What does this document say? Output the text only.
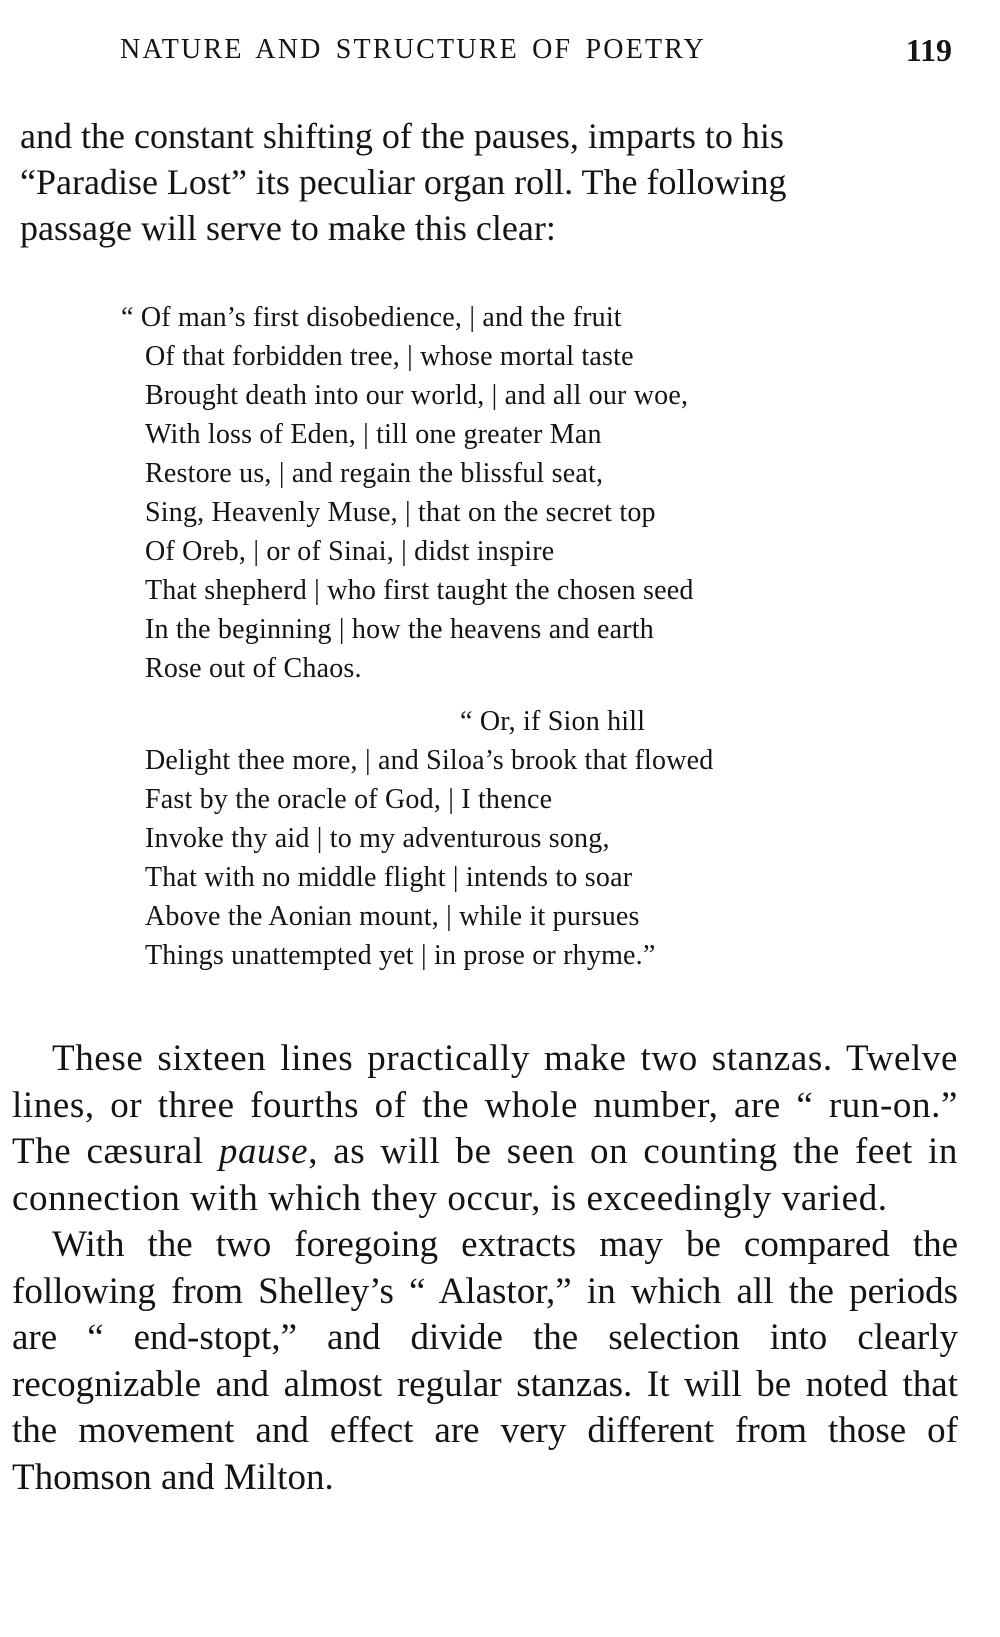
NATURE AND STRUCTURE OF POETRY	119
and the constant shifting of the pauses, imparts to his
“Paradise Lost” its peculiar organ roll. The following
passage will serve to make this clear:
“ Of man’s first disobedience, | and the fruit
Of that forbidden tree, | whose mortal taste
Brought death into our world, | and all our woe,
With loss of Eden, | till one greater Man
Restore us, | and regain the blissful seat,
Sing, Heavenly Muse, | that on the secret top
Of Oreb, | or of Sinai, | didst inspire
That shepherd | who first taught the chosen seed
In the beginning | how the heavens and earth
Rose out of Chaos.
“ Or, if Sion hill
Delight thee more, | and Siloa’s brook that flowed
Fast by the oracle of God, | I thence
Invoke thy aid | to my adventurous song,
That with no middle flight | intends to soar
Above the Aonian mount, | while it pursues
Things unattempted yet | in prose or rhyme.”

These sixteen lines practically make two stanzas. Twelve lines, or three fourths of the whole number, are “ run-on.” The cæsural pause, as will be seen on counting the feet in connection with which they occur, is exceedingly varied.

With the two foregoing extracts may be compared the following from Shelley’s “ Alastor,” in which all the periods are “ end-stopt,” and divide the selection into clearly recognizable and almost regular stanzas. It will be noted that the movement and effect are very different from those of Thomson and Milton.
